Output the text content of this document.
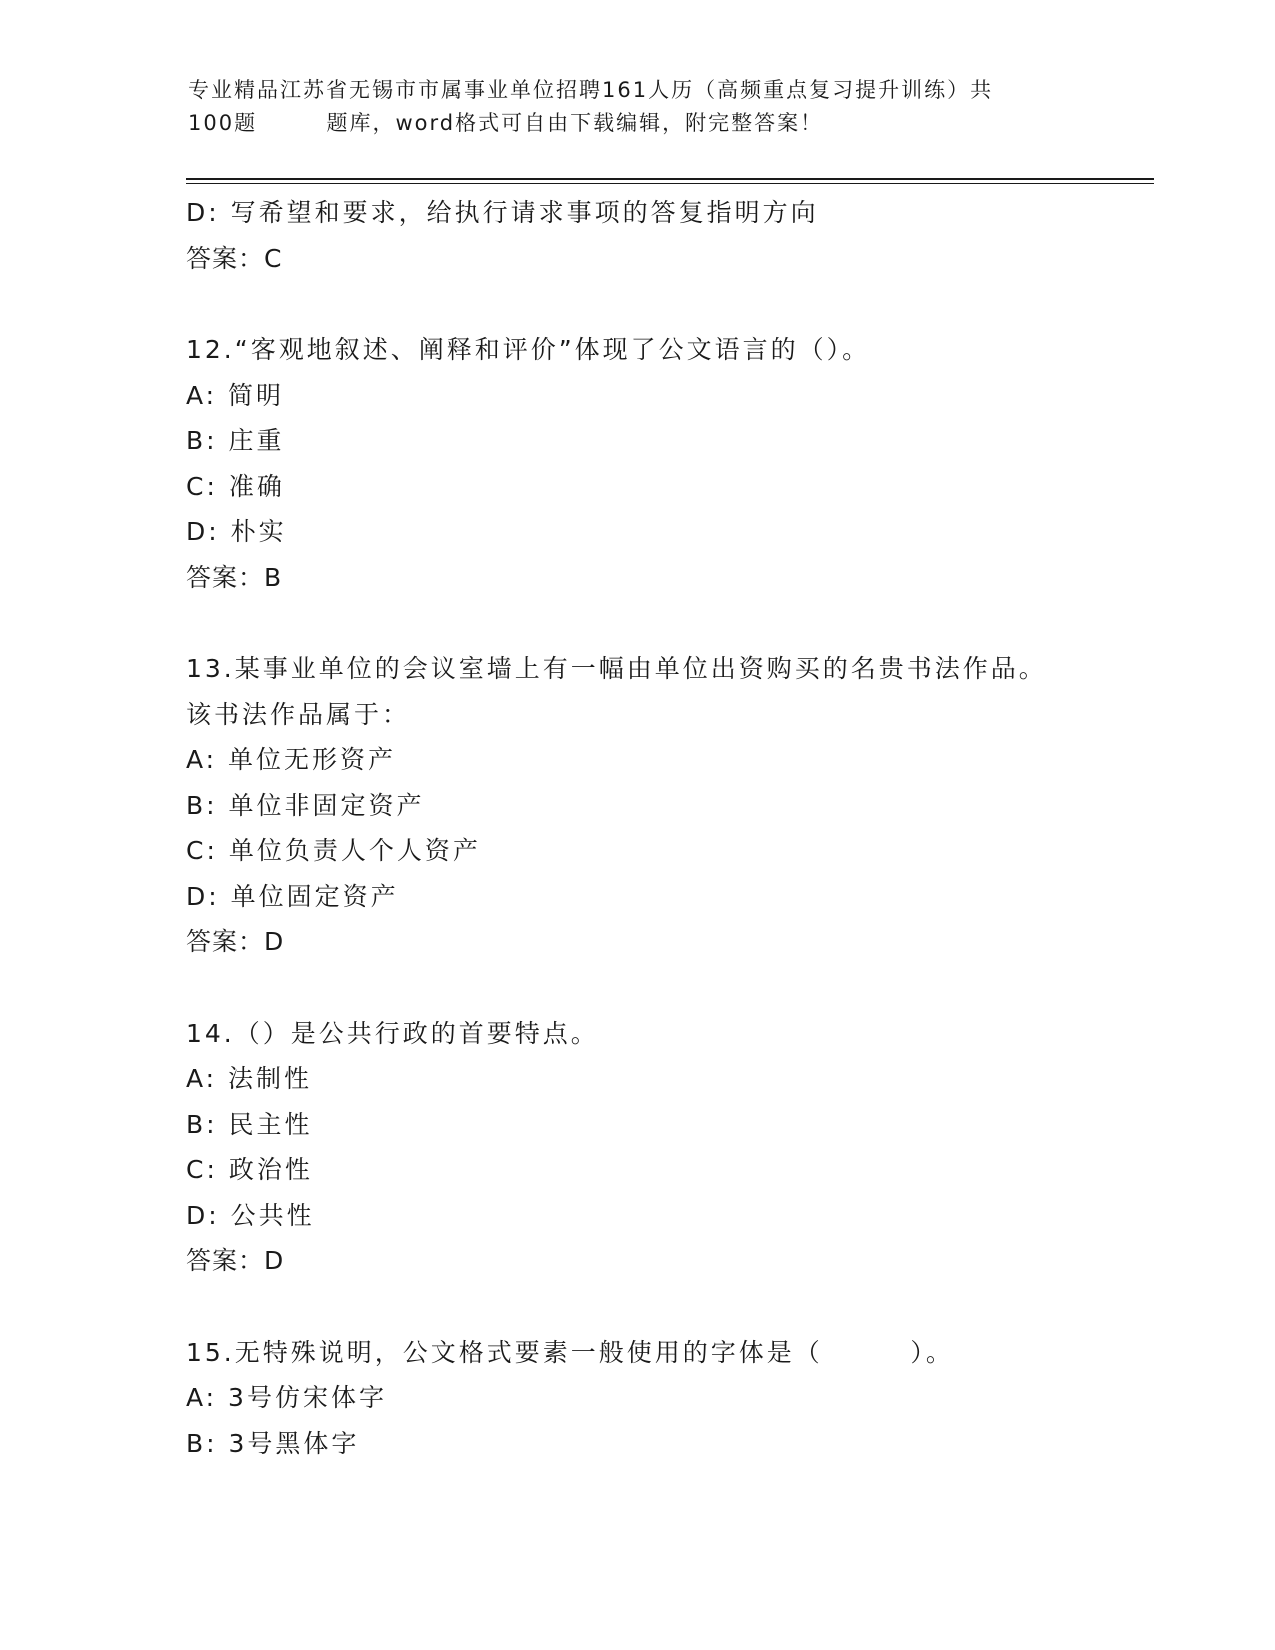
专业精品江苏省无锡市市属事业单位招聘161人历（高频重点复习提升训练）共
100题        题库，word格式可自由下载编辑，附完整答案！
D: 写希望和要求，给执行请求事项的答复指明方向
答案：C
12.“客观地叙述、阐释和评价”体现了公文语言的（）。
A: 简明
B: 庄重
C: 准确
D: 朴实
答案：B
13.某事业单位的会议室墙上有一幅由单位出资购买的名贵书法作品。
该书法作品属于：
A: 单位无形资产
B: 单位非固定资产
C: 单位负责人个人资产
D: 单位固定资产
答案：D
14.（）是公共行政的首要特点。
A: 法制性
B: 民主性
C: 政治性
D: 公共性
答案：D
15.无特殊说明，公文格式要素一般使用的字体是（        ）。
A: 3号仿宋体字
B: 3号黑体字
